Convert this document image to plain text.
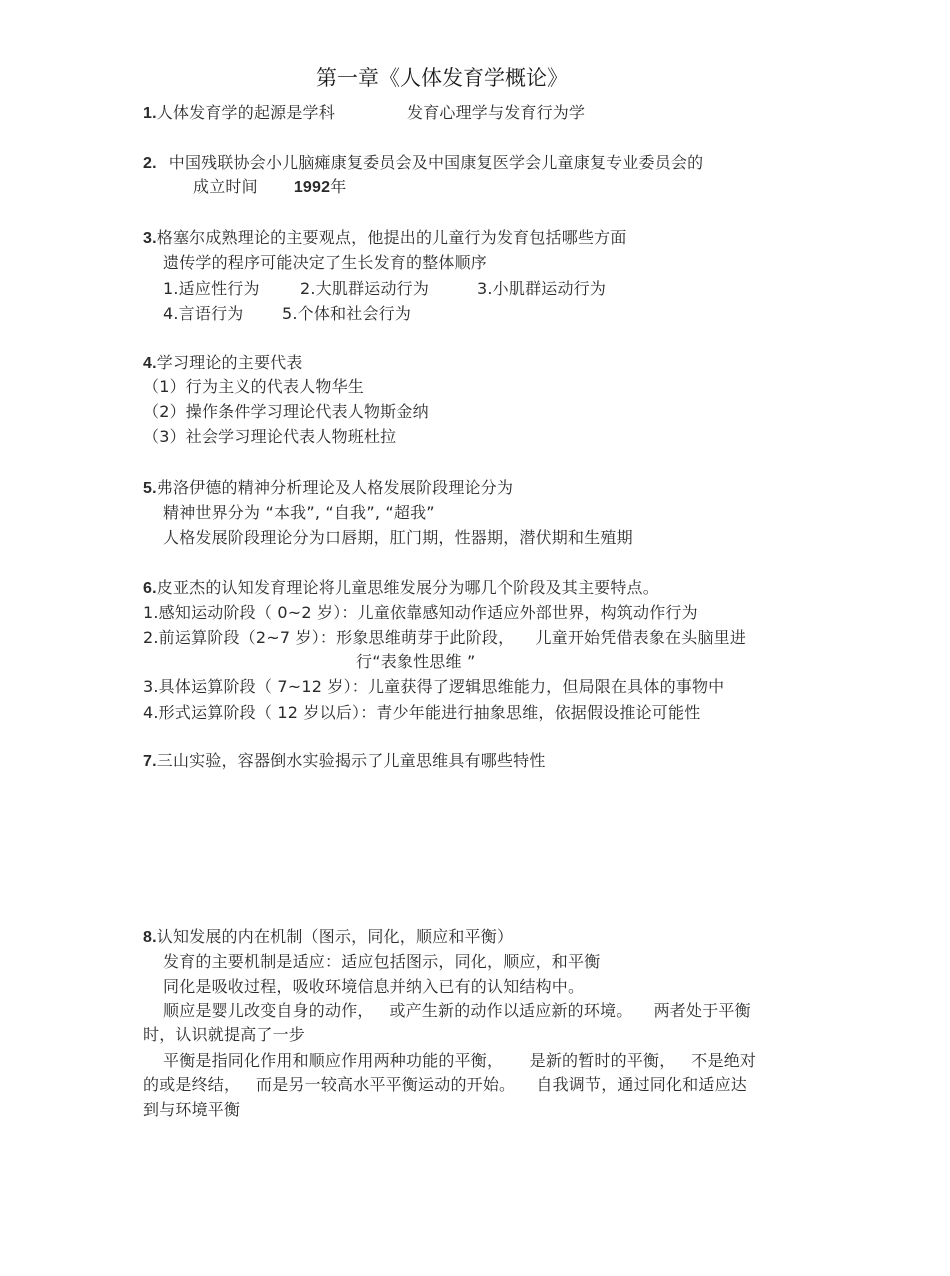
第一章《人体发育学概论》
1.人体发育学的起源是学科	发育心理学与发育行为学
2. 中国残联协会小儿脑瘫康复委员会及中国康复医学会儿童康复专业委员会的
成立时间 1992年
3.格塞尔成熟理论的主要观点，他提出的儿童行为发育包括哪些方面
遗传学的程序可能决定了生长发育的整体顺序
1.适应性行为	2.大肌群运动行为	3.小肌群运动行为
4.言语行为 5.个体和社会行为
4.学习理论的主要代表
（1）行为主义的代表人物华生
（2）操作条件学习理论代表人物斯金纳
（3）社会学习理论代表人物班杜拉
5.弗洛伊德的精神分析理论及人格发展阶段理论分为
精神世界分为 “本我”, “自我”, “超我”
人格发展阶段理论分为口唇期，肛门期，性器期，潜伏期和生殖期
6.皮亚杰的认知发育理论将儿童思维发展分为哪几个阶段及其主要特点。
1.感知运动阶段（ 0~2 岁）：儿童依靠感知动作适应外部世界，构筑动作行为
2.前运算阶段（2~7 岁）：形象思维萌芽于此阶段，    儿童开始凭借表象在头脑里进
行“表象性思维 ”
3.具体运算阶段（ 7~12 岁）：儿童获得了逻辑思维能力，但局限在具体的事物中
4.形式运算阶段（ 12 岁以后）：青少年能进行抽象思维，依据假设推论可能性
7.三山实验，容器倒水实验揭示了儿童思维具有哪些特性
8.认知发展的内在机制（图示，同化，顺应和平衡）
发育的主要机制是适应：适应包括图示，同化，顺应，和平衡
同化是吸收过程，吸收环境信息并纳入已有的认知结构中。
顺应是婴儿改变自身的动作，   或产生新的动作以适应新的环境。    两者处于平衡
时，认识就提高了一步
平衡是指同化作用和顺应作用两种功能的平衡，     是新的暂时的平衡，   不是绝对
的或是终结，   而是另一较高水平平衡运动的开始。    自我调节，通过同化和适应达
到与环境平衡
